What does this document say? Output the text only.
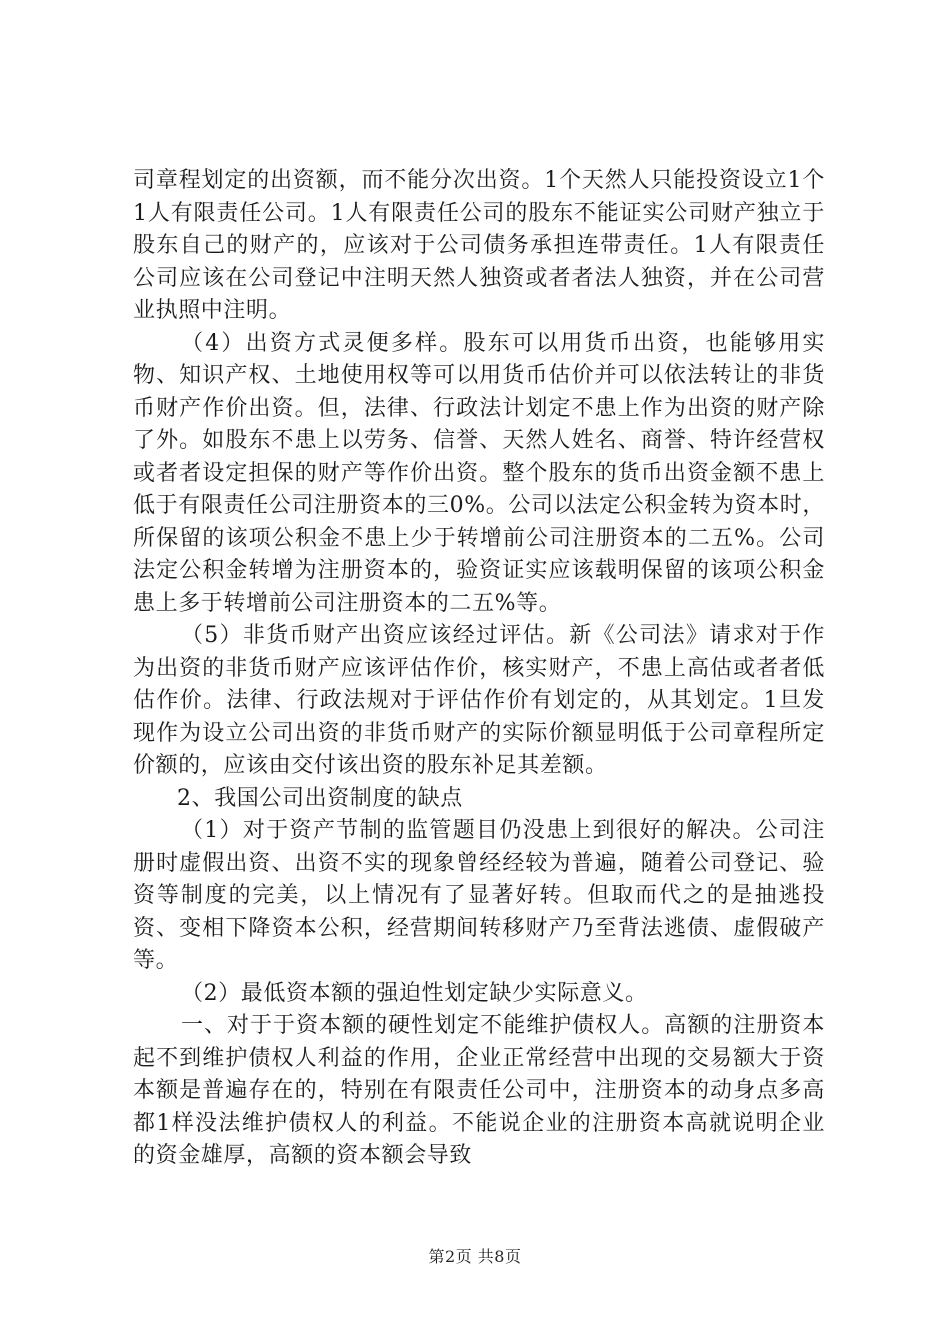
司章程划定的出资额，而不能分次出资。1个天然人只能投资设立1个1人有限责任公司。1人有限责任公司的股东不能证实公司财产独立于股东自己的财产的，应该对于公司债务承担连带责任。1人有限责任公司应该在公司登记中注明天然人独资或者者法人独资，并在公司营业执照中注明。

（4）出资方式灵便多样。股东可以用货币出资，也能够用实物、知识产权、土地使用权等可以用货币估价并可以依法转让的非货币财产作价出资。但，法律、行政法计划定不患上作为出资的财产除了外。如股东不患上以劳务、信誉、天然人姓名、商誉、特许经营权或者者设定担保的财产等作价出资。整个股东的货币出资金额不患上低于有限责任公司注册资本的三0%。公司以法定公积金转为资本时，所保留的该项公积金不患上少于转增前公司注册资本的二五%。公司法定公积金转增为注册资本的，验资证实应该载明保留的该项公积金患上多于转增前公司注册资本的二五%等。

（5）非货币财产出资应该经过评估。新《公司法》请求对于作为出资的非货币财产应该评估作价，核实财产，不患上高估或者者低估作价。法律、行政法规对于评估作价有划定的，从其划定。1旦发现作为设立公司出资的非货币财产的实际价额显明低于公司章程所定价额的，应该由交付该出资的股东补足其差额。

2、我国公司出资制度的缺点

（1）对于资产节制的监管题目仍没患上到很好的解决。公司注册时虚假出资、出资不实的现象曾经经较为普遍，随着公司登记、验资等制度的完美，以上情况有了显著好转。但取而代之的是抽逃投资、变相下降资本公积，经营期间转移财产乃至背法逃债、虚假破产等。

（2）最低资本额的强迫性划定缺少实际意义。

一、对于于资本额的硬性划定不能维护债权人。高额的注册资本起不到维护债权人利益的作用，企业正常经营中出现的交易额大于资本额是普遍存在的，特别在有限责任公司中，注册资本的动身点多高都1样没法维护债权人的利益。不能说企业的注册资本高就说明企业的资金雄厚，高额的资本额会导致

第2页 共8页
